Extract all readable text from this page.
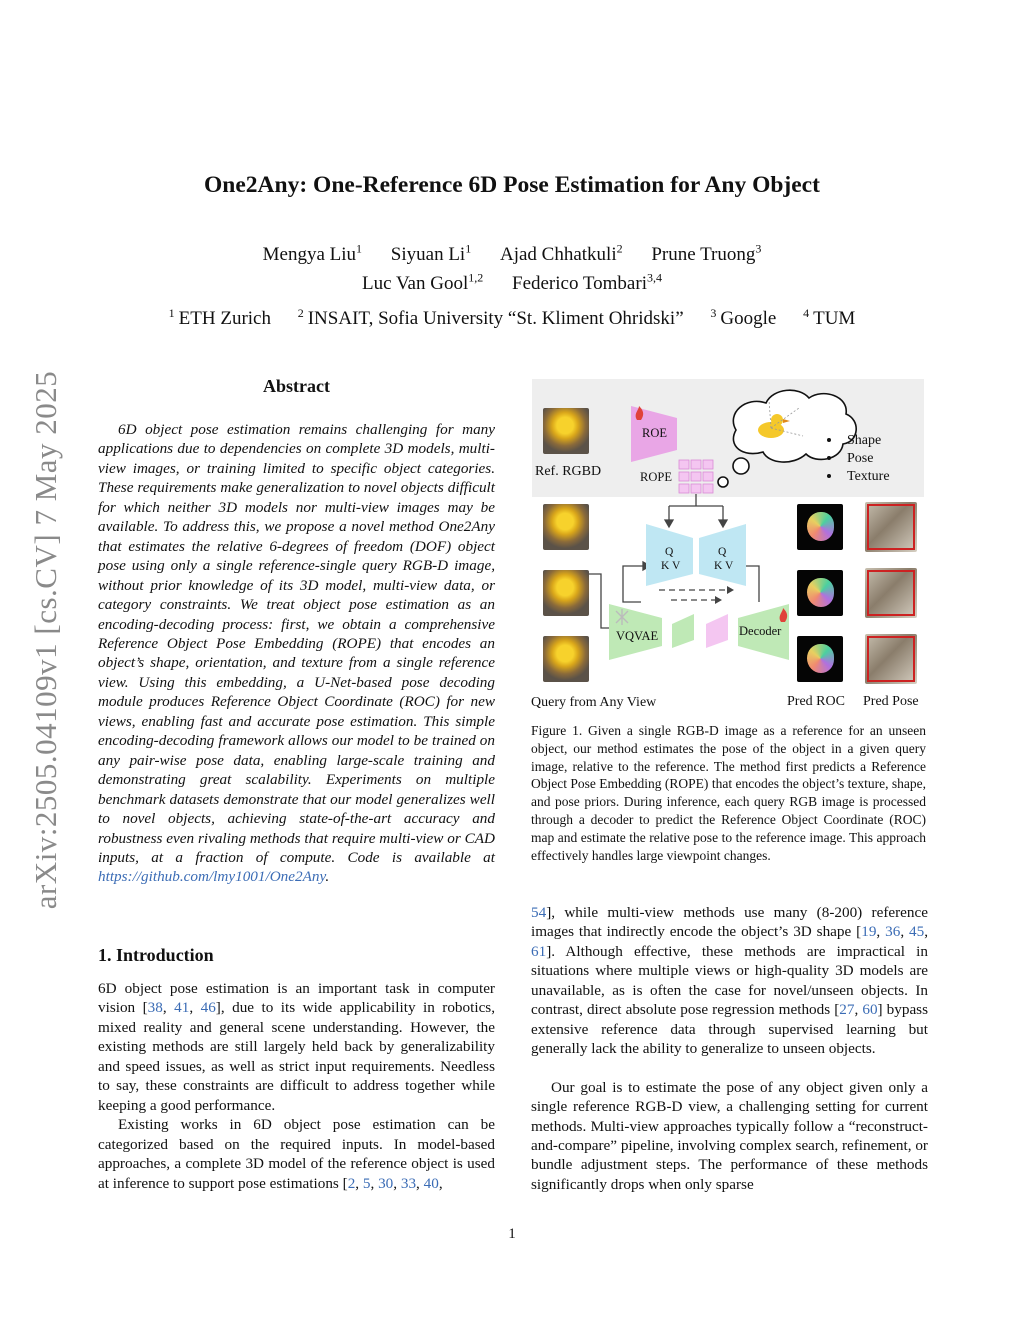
arXiv:2505.04109v1 [cs.CV] 7 May 2025
One2Any: One-Reference 6D Pose Estimation for Any Object
Mengya Liu$^1$ Siyuan Li$^1$ Ajad Chhatkuli$^2$ Prune Truong$^3$
Luc Van Gool$^{1,2}$ Federico Tombari$^{3,4}$
$^1$ ETH Zurich $^2$ INSAIT, Sofia University “St. Kliment Ohridski” $^3$ Google $^4$ TUM
Abstract

6D object pose estimation remains challenging for many applications due to dependencies on complete 3D models, multi-view images, or training limited to specific object categories. These requirements make generalization to novel objects difficult for which neither 3D models nor multi-view images may be available. To address this, we propose a novel method One2Any that estimates the relative 6-degrees of freedom (DOF) object pose using only a single reference-single query RGB-D image, without prior knowledge of its 3D model, multi-view data, or category constraints. We treat object pose estimation as an encoding-decoding process: first, we obtain a comprehensive Reference Object Pose Embedding (ROPE) that encodes an object’s shape, orientation, and texture from a single reference view. Using this embedding, a U-Net-based pose decoding module produces Reference Object Coordinate (ROC) for new views, enabling fast and accurate pose estimation. This simple encoding-decoding framework allows our model to be trained on any pair-wise pose data, enabling large-scale training and demonstrating great scalability. Experiments on multiple benchmark datasets demonstrate that our model generalizes well to novel objects, achieving state-of-the-art accuracy and robustness even rivaling methods that require multi-view or CAD inputs, at a fraction of compute. Code is available at https://github.com/lmy1001/One2Any.

1. Introduction

6D object pose estimation is an important task in computer vision [38, 41, 46], due to its wide applicability in robotics, mixed reality and general scene understanding. However, the existing methods are still largely held back by generalizability and speed issues, as well as strict input requirements. Needless to say, these constraints are difficult to address together while keeping a good performance.

Existing works in 6D object pose estimation can be categorized based on the required inputs. In model-based approaches, a complete 3D model of the reference object is used at inference to support pose estimations [2, 5, 30, 33, 40,

Ref. RGBD
ROE
ROPE
Q
K V
Q
K V
VQVAE	Decoder
Shape
Pose
Texture
Query from Any View	Pred ROC Pred Pose

Figure 1. Given a single RGB-D image as a reference for an unseen object, our method estimates the pose of the object in a given query image, relative to the reference. The method first predicts a Reference Object Pose Embedding (ROPE) that encodes the object’s texture, shape, and pose priors. During inference, each query RGB image is processed through a decoder to predict the Reference Object Coordinate (ROC) map and estimate the relative pose to the reference image. This approach effectively handles large viewpoint changes.

54], while multi-view methods use many (8-200) reference images that indirectly encode the object’s 3D shape [19, 36, 45, 61]. Although effective, these methods are impractical in situations where multiple views or high-quality 3D models are unavailable, as is often the case for novel/unseen objects. In contrast, direct absolute pose regression methods [27, 60] bypass extensive reference data through supervised learning but generally lack the ability to generalize to unseen objects.

Our goal is to estimate the pose of any object given only a single reference RGB-D view, a challenging setting for current methods. Multi-view approaches typically follow a “reconstruct-and-compare” pipeline, involving complex search, refinement, or bundle adjustment steps. The performance of these methods significantly drops when only sparse

1
